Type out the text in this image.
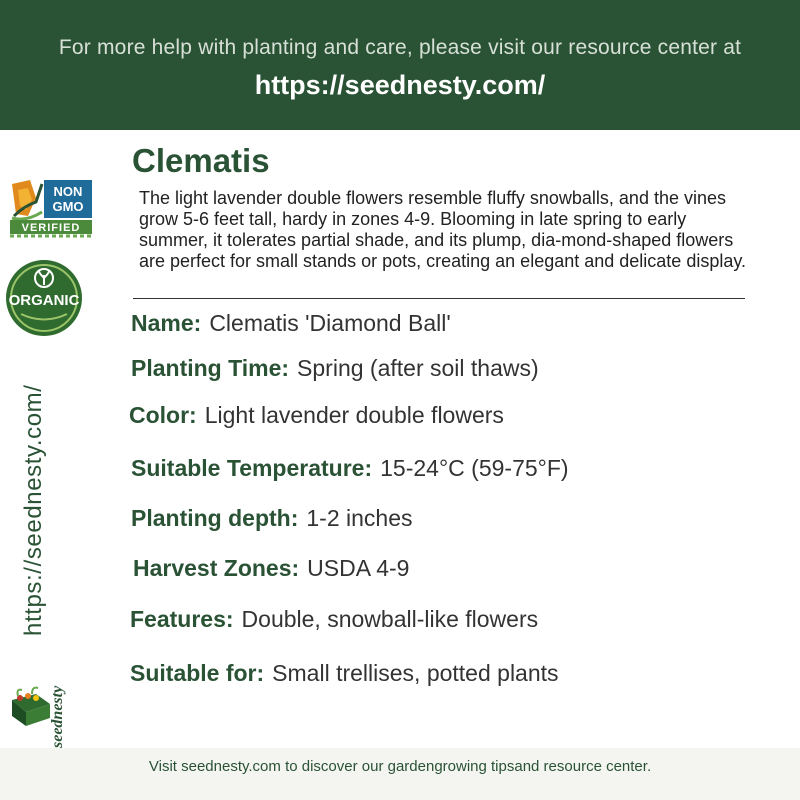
For more help with planting and care, please visit our resource center at
https://seednesty.com/
NON
GMO
VERIFIED
ORGANIC
https://seednesty.com/
seednesty
Clematis
The light lavender double flowers resemble fluffy snowballs, and the vines grow 5-6 feet tall, hardy in zones 4-9. Blooming in late spring to early summer, it tolerates partial shade, and its plump, dia-mond-shaped flowers are perfect for small stands or pots, creating an elegant and delicate display.
Name: Clematis 'Diamond Ball'
Planting Time: Spring (after soil thaws)
Color: Light lavender double flowers
Suitable Temperature: 15-24°C (59-75°F)
Planting depth: 1-2 inches
Harvest Zones: USDA 4-9
Features: Double, snowball-like flowers
Suitable for: Small trellises, potted plants
Visit seednesty.com to discover our gardengrowing tipsand resource center.
